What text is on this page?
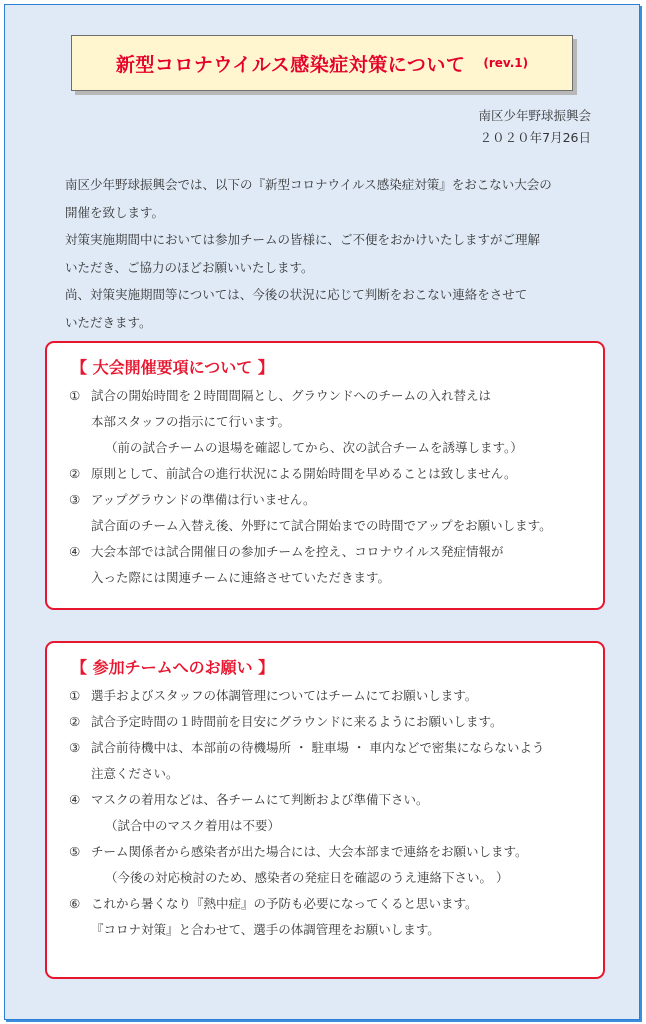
新型コロナウイルス感染症対策について (rev.1)
南区少年野球振興会
２０２０年7月26日

南区少年野球振興会では、以下の『新型コロナウイルス感染症対策』をおこない大会の

開催を致します。

対策実施期間中においては参加チームの皆様に、ご不便をおかけいたしますがご理解

いただき、ご協力のほどお願いいたします。

尚、対策実施期間等については、今後の状況に応じて判断をおこない連絡をさせて

いただきます。

【 大会開催要項について 】
① 試合の開始時間を２時間間隔とし、グラウンドへのチームの入れ替えは
本部スタッフの指示にて行います。
（前の試合チームの退場を確認してから、次の試合チームを誘導します。）
② 原則として、前試合の進行状況による開始時間を早めることは致しません。
③ アップグラウンドの準備は行いません。
試合面のチーム入替え後、外野にて試合開始までの時間でアップをお願いします。
④ 大会本部では試合開催日の参加チームを控え、コロナウイルス発症情報が
入った際には関連チームに連絡させていただきます。
【 参加チームへのお願い 】
① 選手およびスタッフの体調管理についてはチームにてお願いします。
② 試合予定時間の１時間前を目安にグラウンドに来るようにお願いします。
③ 試合前待機中は、本部前の待機場所 ・ 駐車場 ・ 車内などで密集にならないよう
注意ください。
④ マスクの着用などは、各チームにて判断および準備下さい。
（試合中のマスク着用は不要）
⑤ チーム関係者から感染者が出た場合には、大会本部まで連絡をお願いします。
（今後の対応検討のため、感染者の発症日を確認のうえ連絡下さい。 ）
⑥ これから暑くなり『熱中症』の予防も必要になってくると思います。
『コロナ対策』と合わせて、選手の体調管理をお願いします。
